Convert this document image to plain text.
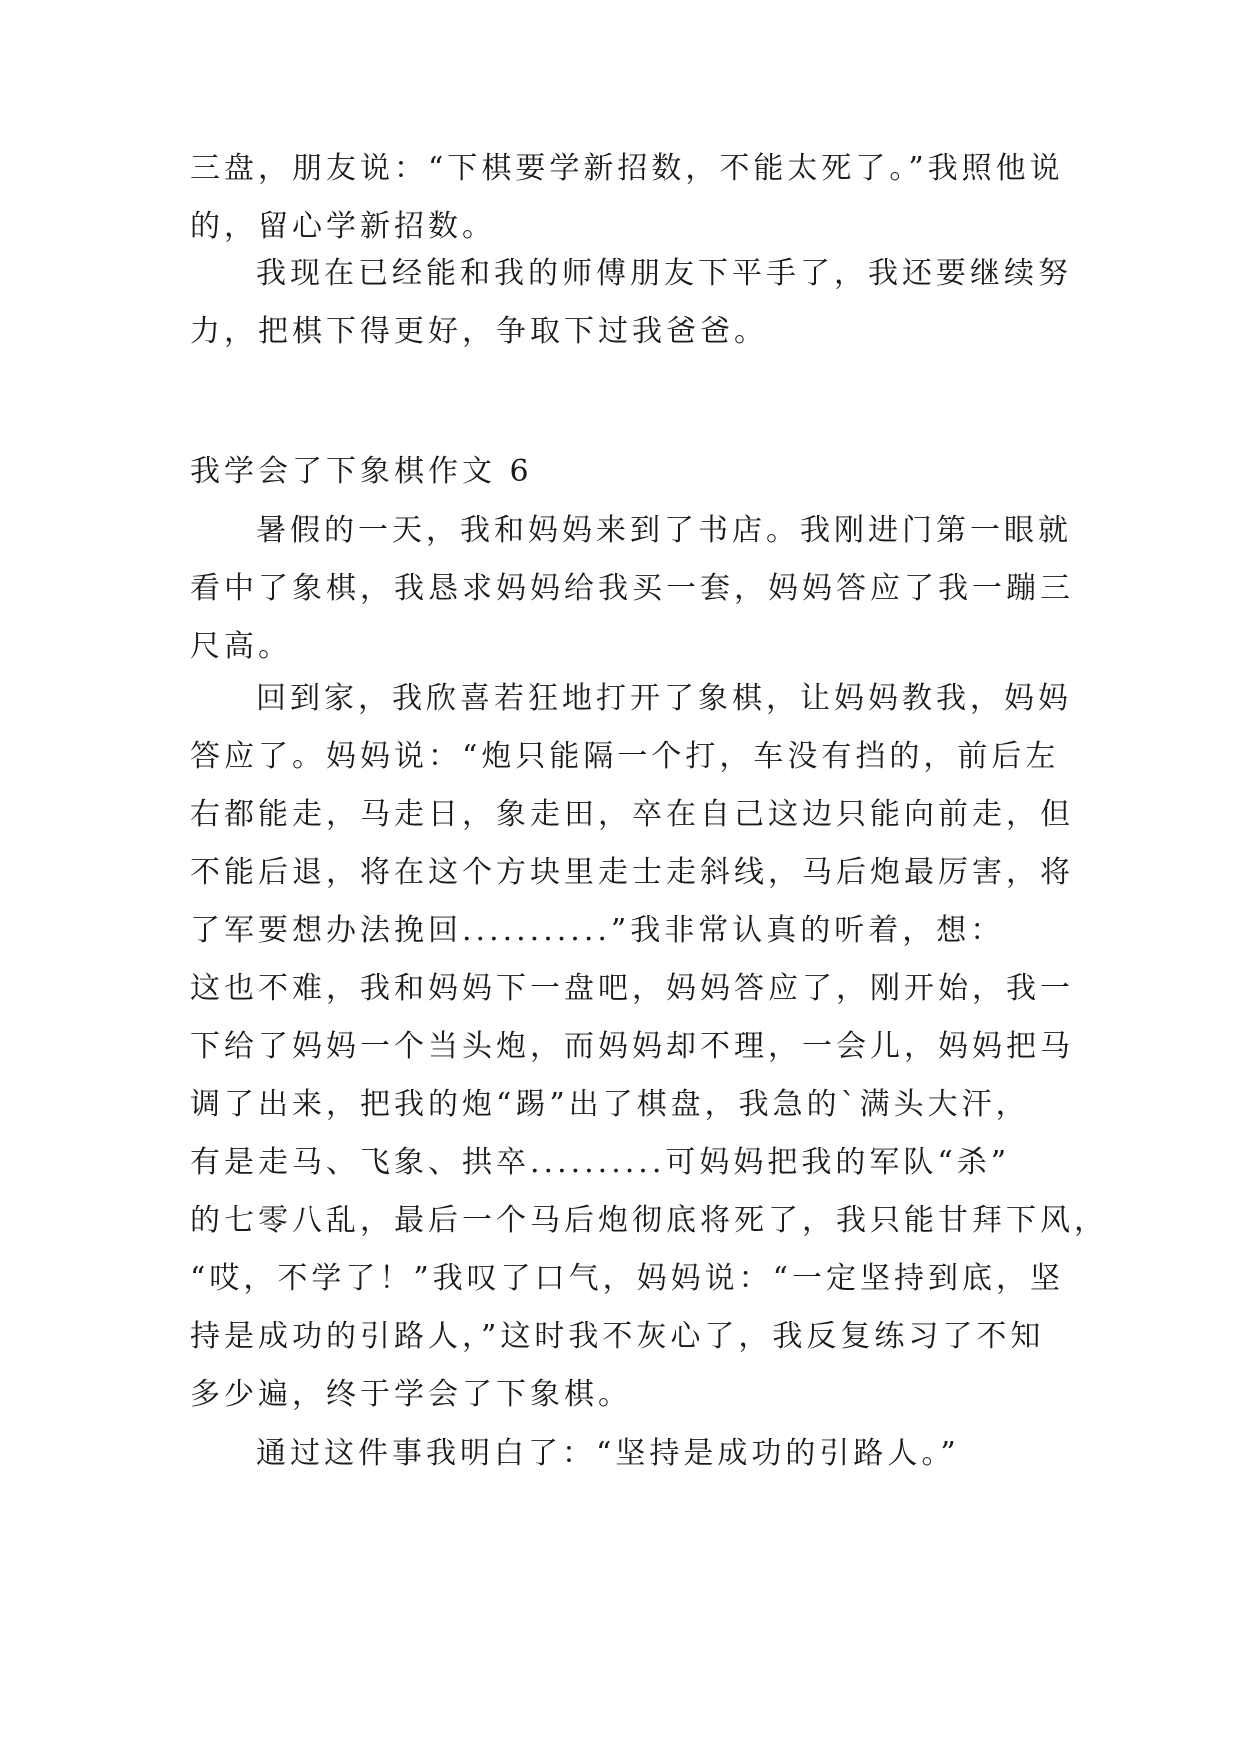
三盘，朋友说：“下棋要学新招数，不能太死了。”我照他说
的，留心学新招数。

我现在已经能和我的师傅朋友下平手了，我还要继续努
力，把棋下得更好，争取下过我爸爸。

我学会了下象棋作文 6

暑假的一天，我和妈妈来到了书店。我刚进门第一眼就
看中了象棋，我恳求妈妈给我买一套，妈妈答应了我一蹦三
尺高。

回到家，我欣喜若狂地打开了象棋，让妈妈教我，妈妈
答应了。妈妈说：“炮只能隔一个打，车没有挡的，前后左
右都能走，马走日，象走田，卒在自己这边只能向前走，但
不能后退，将在这个方块里走士走斜线，马后炮最厉害，将
了军要想办法挽回...........”我非常认真的听着，想：
这也不难，我和妈妈下一盘吧，妈妈答应了，刚开始，我一
下给了妈妈一个当头炮，而妈妈却不理，一会儿，妈妈把马
调了出来，把我的炮“踢”出了棋盘，我急的`满头大汗，
有是走马、飞象、拱卒..........可妈妈把我的军队“杀”
的七零八乱，最后一个马后炮彻底将死了，我只能甘拜下风，
“哎，不学了！”我叹了口气，妈妈说：“一定坚持到底，坚
持是成功的引路人，”这时我不灰心了，我反复练习了不知
多少遍，终于学会了下象棋。

通过这件事我明白了：“坚持是成功的引路人。”
